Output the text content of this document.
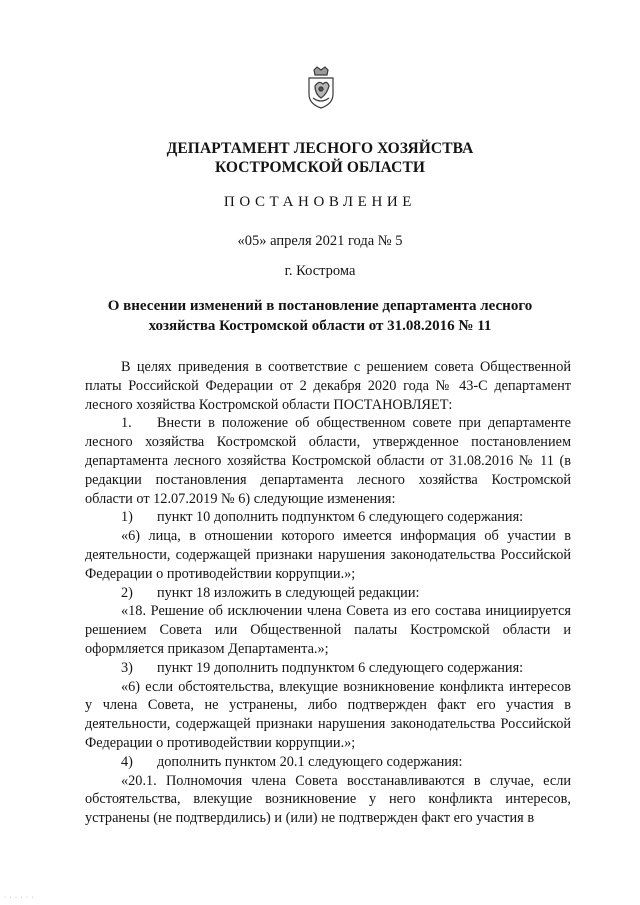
ДЕПАРТАМЕНТ ЛЕСНОГО ХОЗЯЙСТВА
КОСТРОМСКОЙ ОБЛАСТИ
ПОСТАНОВЛЕНИЕ
«05» апреля 2021 года № 5
г. Кострома
О внесении изменений в постановление департамента лесного
хозяйства Костромской области от 31.08.2016 № 11

В целях приведения в соответствие с решением совета Общественной платы Российской Федерации от 2 декабря 2020 года № 43-С департамент лесного хозяйства Костромской области ПОСТАНОВЛЯЕТ:

1. Внести в положение об общественном совете при департаменте лесного хозяйства Костромской области, утвержденное постановлением департамента лесного хозяйства Костромской области от 31.08.2016 № 11 (в редакции постановления департамента лесного хозяйства Костромской области от 12.07.2019 № 6) следующие изменения:

1) пункт 10 дополнить подпунктом 6 следующего содержания:

«6) лица, в отношении которого имеется информация об участии в деятельности, содержащей признаки нарушения законодательства Российской Федерации о противодействии коррупции.»;

2) пункт 18 изложить в следующей редакции:

«18. Решение об исключении члена Совета из его состава инициируется решением Совета или Общественной палаты Костромской области и оформляется приказом Департамента.»;

3) пункт 19 дополнить подпунктом 6 следующего содержания:

«6) если обстоятельства, влекущие возникновение конфликта интересов у члена Совета, не устранены, либо подтвержден факт его участия в деятельности, содержащей признаки нарушения законодательства Российской Федерации о противодействии коррупции.»;

4) дополнить пунктом 20.1 следующего содержания:

«20.1. Полномочия члена Совета восстанавливаются в случае, если обстоятельства, влекущие возникновение у него конфликта интересов, устранены (не подтвердились) и (или) не подтвержден факт его участия в

· · · · · ·
